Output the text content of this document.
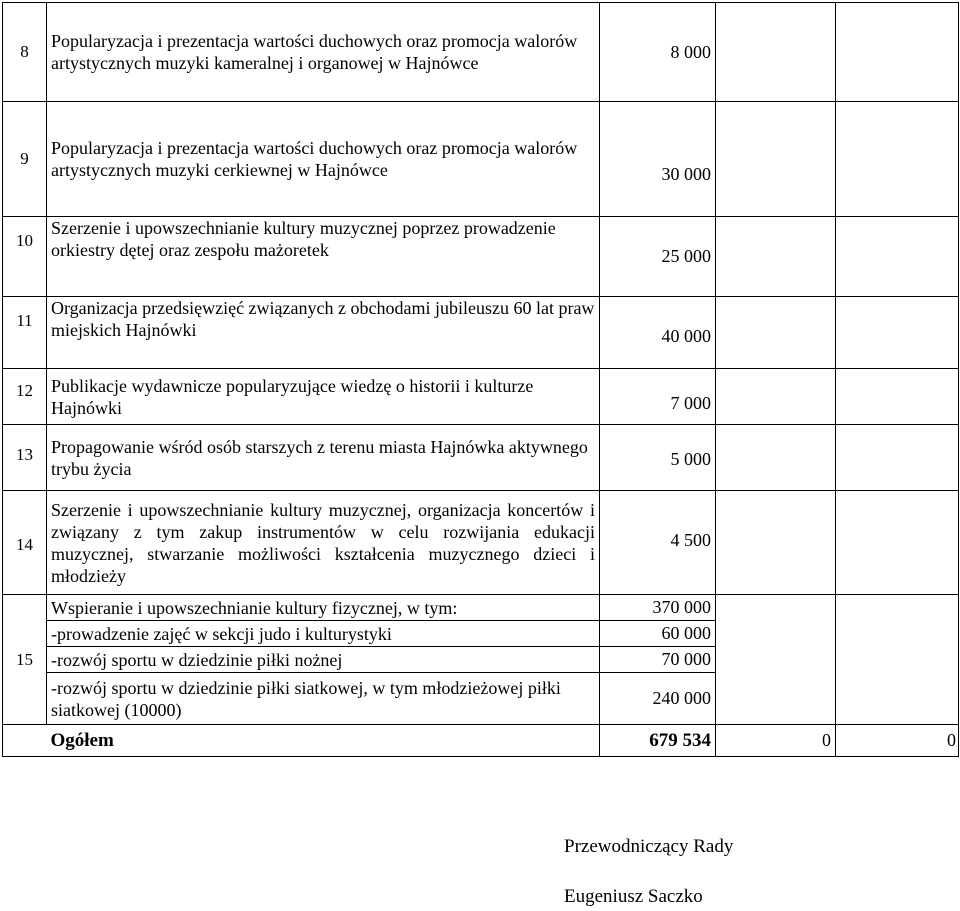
8	Popularyzacja i prezentacja wartości duchowych oraz promocja walorów artystycznych muzyki kameralnej i organowej w Hajnówce	8 000		
9	Popularyzacja i prezentacja wartości duchowych oraz promocja walorów artystycznych muzyki cerkiewnej w Hajnówce	30 000		
10	Szerzenie i upowszechnianie kultury muzycznej poprzez prowadzenie orkiestry dętej oraz zespołu mażoretek	25 000		
11	Organizacja przedsięwzięć związanych z obchodami jubileuszu 60 lat praw miejskich Hajnówki	40 000		
12	Publikacje wydawnicze popularyzujące wiedzę o historii i kulturze Hajnówki	7 000		
13	Propagowanie wśród osób starszych z terenu miasta Hajnówka aktywnego trybu życia	5 000		
14	Szerzenie i upowszechnianie kultury muzycznej, organizacja koncertów i związany z tym zakup instrumentów w celu rozwijania edukacji muzycznej, stwarzanie możliwości kształcenia muzycznego dzieci i młodzieży	4 500		
15	Wspieranie i upowszechnianie kultury fizycznej, w tym:	370 000		
	-prowadzenie zajęć w sekcji judo i kulturystyki	60 000		
	-rozwój sportu w dziedzinie piłki nożnej	70 000		
	-rozwój sportu w dziedzinie piłki siatkowej, w tym młodzieżowej piłki siatkowej (10000)	240 000		
	Ogółem	679 534	0	0
Przewodniczący Rady
Eugeniusz Saczko
